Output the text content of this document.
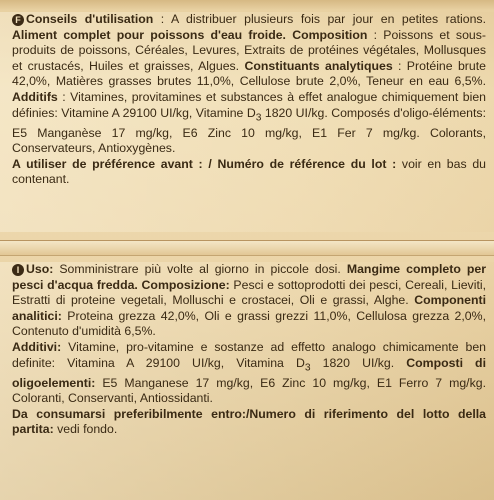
F Conseils d'utilisation : A distribuer plusieurs fois par jour en petites rations. Aliment complet pour poissons d'eau froide. Composition : Poissons et sous-produits de poissons, Céréales, Levures, Extraits de protéines végétales, Mollusques et crustacés, Huiles et graisses, Algues. Constituants analytiques : Protéine brute 42,0%, Matières grasses brutes 11,0%, Cellulose brute 2,0%, Teneur en eau 6,5%. Additifs : Vitamines, provitamines et substances à effet analogue chimiquement bien définies: Vitamine A 29100 UI/kg, Vitamine $D_3$ 1820 UI/kg. Composés d'oligo-éléments: E5 Manganèse 17 mg/kg, E6 Zinc 10 mg/kg, E1 Fer 7 mg/kg. Colorants, Conservateurs, Antioxygènes.

A utiliser de préférence avant : / Numéro de référence du lot : voir en bas du contenant.

I Uso: Somministrare più volte al giorno in piccole dosi. Mangime completo per pesci d'acqua fredda. Composizione: Pesci e sottoprodotti dei pesci, Cereali, Lieviti, Estratti di proteine vegetali, Molluschi e crostacei, Oli e grassi, Alghe. Componenti analitici: Proteina grezza 42,0%, Oli e grassi grezzi 11,0%, Cellulosa grezza 2,0%, Contenuto d'umidità 6,5%.

Additivi: Vitamine, pro-vitamine e sostanze ad effetto analogo chimicamente ben definite: Vitamina A 29100 UI/kg, Vitamina $D_3$ 1820 UI/kg. Composti di oligoelementi: E5 Manganese 17 mg/kg, E6 Zinc 10 mg/kg, E1 Ferro 7 mg/kg. Coloranti, Conservanti, Antiossidanti.

Da consumarsi preferibilmente entro:/Numero di riferimento del lotto della partita: vedi fondo.
